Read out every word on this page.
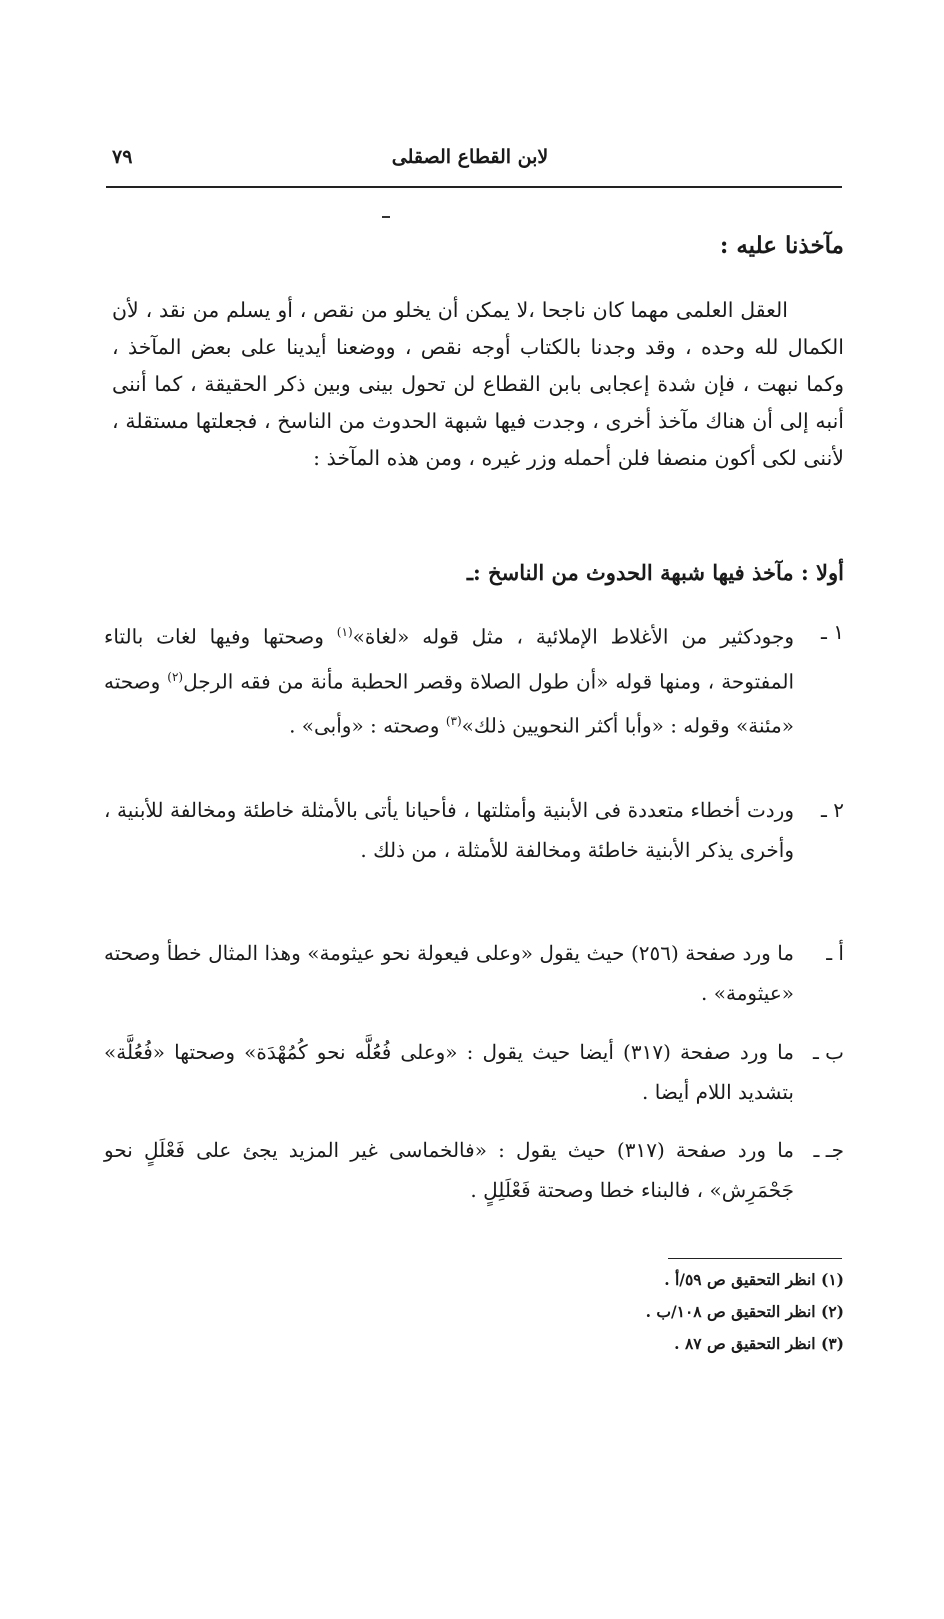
لابن القطاع الصقلى
٧٩
مآخذنا عليه :
العقل العلمى مهما كان ناجحا ،لا يمكن أن يخلو من نقص ، أو يسلم من نقد ، لأن الكمال لله وحده ، وقد وجدنا بالكتاب أوجه نقص ، ووضعنا أيدينا على بعض المآخذ ، وكما نبهت ، فإن شدة إعجابى بابن القطاع لن تحول بينى وبين ذكر الحقيقة ، كما أننى أنبه إلى أن هناك مآخذ أخرى ، وجدت فيها شبهة الحدوث من الناسخ ، فجعلتها مستقلة ، لأننى لكى أكون منصفا فلن أحمله وزر غيره ، ومن هذه المآخذ :
أولا : مآخذ فيها شبهة الحدوث من الناسخ :ـ
١ ـ
وجودكثير من الأغلاط الإملائية ، مثل قوله «لغاة»$^{(١)}$ وصحتها وفيها لغات بالتاء المفتوحة ، ومنها قوله «أن طول الصلاة وقصر الحطبة مأنة من فقه الرجل$^{(٢)}$ وصحته «مئنة» وقوله : «وأبا أكثر النحويين ذلك»$^{(٣)}$ وصحته : «وأبى» .
٢ ـ
وردت أخطاء متعددة فى الأبنية وأمثلتها ، فأحيانا يأتى بالأمثلة خاطئة ومخالفة للأبنية ، وأخرى يذكر الأبنية خاطئة ومخالفة للأمثلة ، من ذلك .
أ ـ
ما ورد صفحة (٢٥٦) حيث يقول «وعلى فيعولة نحو عيثومة» وهذا المثال خطأ وصحته «عيثومة» .
ب ـ
ما ورد صفحة (٣١٧) أيضا حيث يقول : «وعلى فُعُلَّه نحو كُمُهْدَة» وصحتها «فُعُلَّة» بتشديد اللام أيضا .
جـ ـ
ما ورد صفحة (٣١٧) حيث يقول : «فالخماسى غير المزيد يجئ على فَعْلَلٍ نحو جَحْمَرِش» ، فالبناء خطا وصحتة فَعْلَلِلٍ .
(١) انظر التحقيق ص ٥٩/أ .
(٢) انظر التحقيق ص ١٠٨/ب .
(٣) انظر التحقيق ص ٨٧ .
